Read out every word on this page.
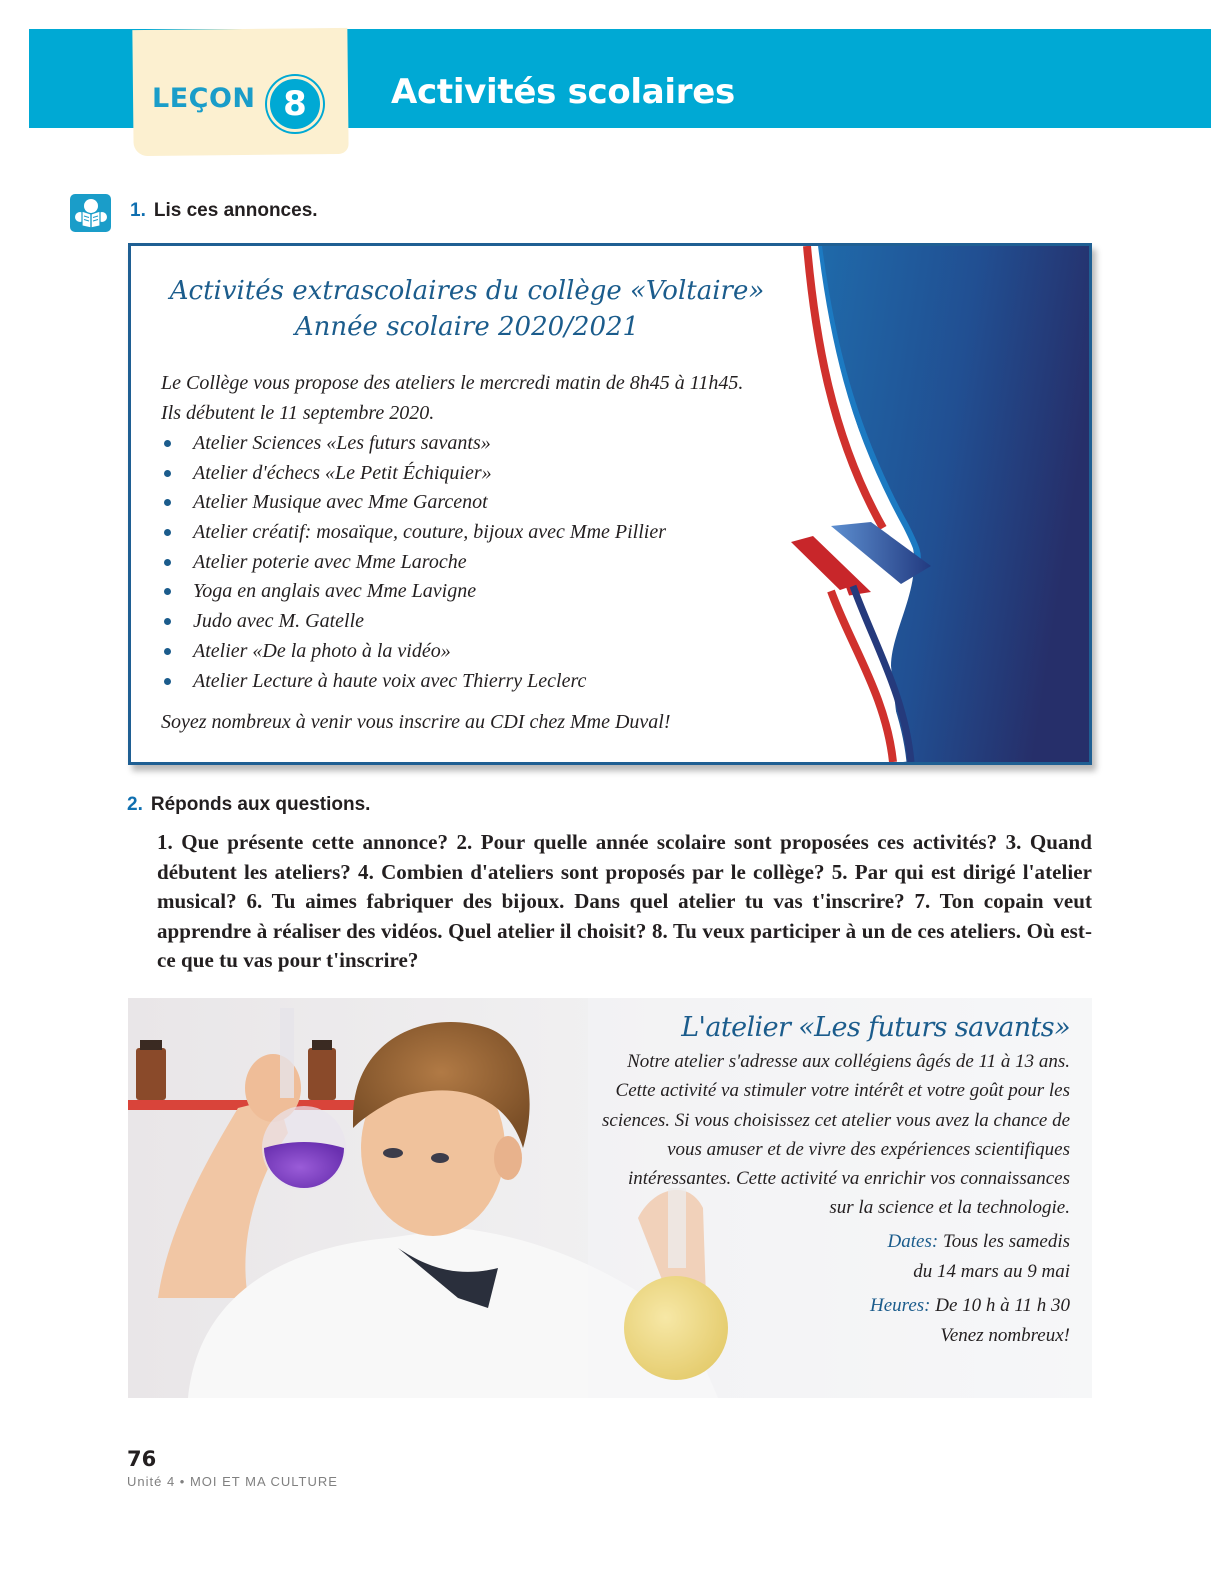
LEÇON 8	Activités scolaires
1. Lis ces annonces.
Activités extrascolaires du collège «Voltaire»
Année scolaire 2020/2021
Le Collège vous propose des ateliers le mercredi matin de 8h45 à 11h45.
Ils débutent le 11 septembre 2020.
Atelier Sciences «Les futurs savants»
Atelier d'échecs «Le Petit Échiquier»
Atelier Musique avec Mme Garcenot
Atelier créatif: mosaïque, couture, bijoux avec Mme Pillier
Atelier poterie avec Mme Laroche
Yoga en anglais avec Mme Lavigne
Judo avec M. Gatelle
Atelier «De la photo à la vidéo»
Atelier Lecture à haute voix avec Thierry Leclerc
Soyez nombreux à venir vous inscrire au CDI chez Mme Duval!
2. Réponds aux questions.
1. Que présente cette annonce? 2. Pour quelle année scolaire sont proposées ces activités? 3. Quand débutent les ateliers? 4. Combien d'ateliers sont proposés par le collège? 5. Par qui est dirigé l'atelier musical? 6. Tu aimes fabriquer des bijoux. Dans quel atelier tu vas t'inscrire? 7. Ton copain veut apprendre à réaliser des vidéos. Quel atelier il choisit? 8. Tu veux participer à un de ces ateliers. Où est-ce que tu vas pour t'inscrire?
L'atelier «Les futurs savants»
Notre atelier s'adresse aux collégiens âgés de 11 à 13 ans. Cette activité va stimuler votre intérêt et votre goût pour les sciences. Si vous choisissez cet atelier vous avez la chance de vous amuser et de vivre des expériences scientifiques intéressantes. Cette activité va enrichir vos connaissances sur la science et la technologie.
Dates: Tous les samedis
du 14 mars au 9 mai
Heures: De 10 h à 11 h 30
Venez nombreux!
76
Unité 4 • MOI ET MA CULTURE
